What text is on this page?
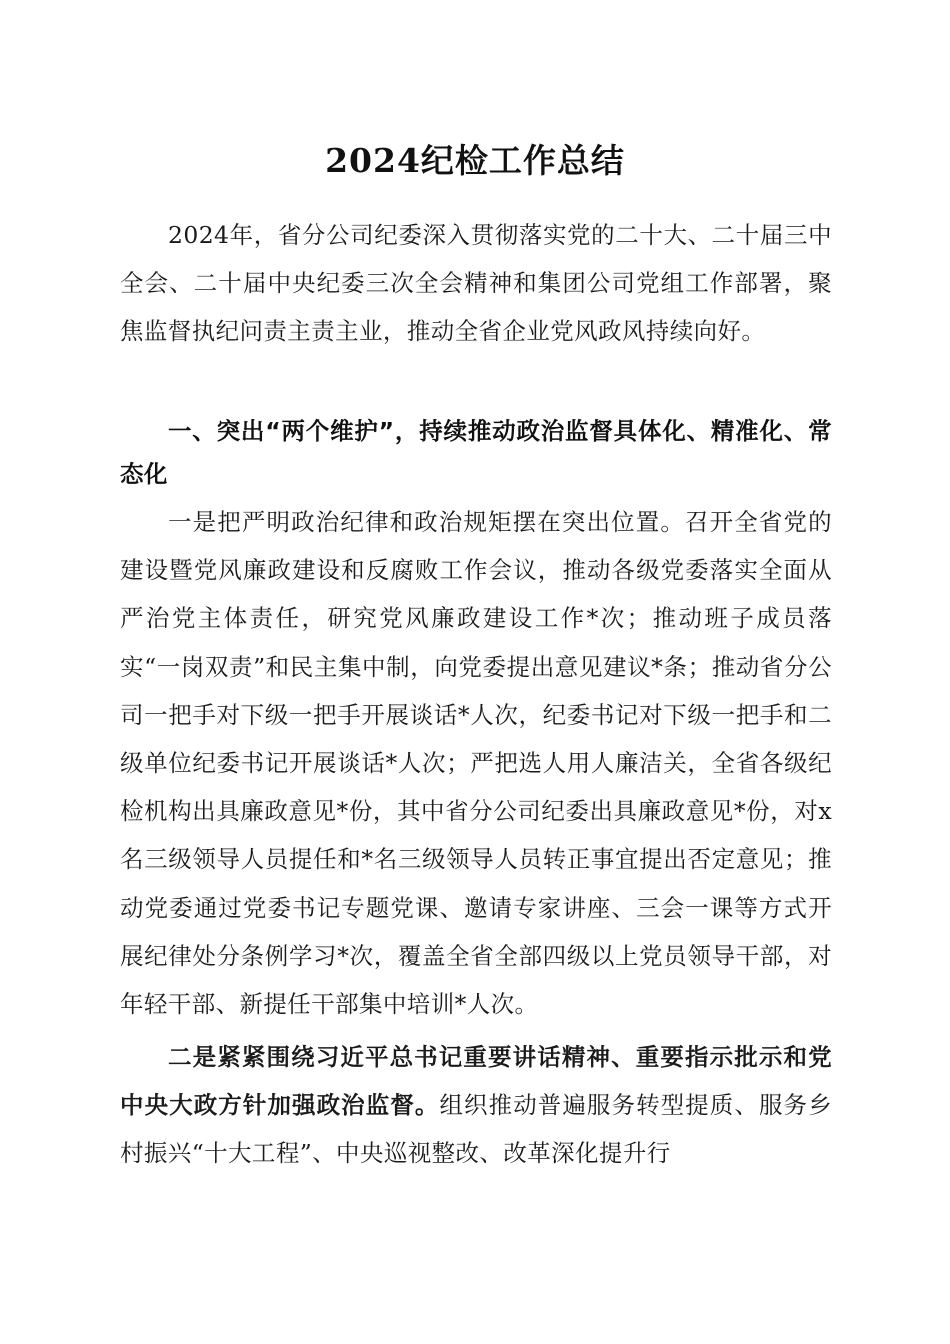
2024纪检工作总结

2024年，省分公司纪委深入贯彻落实党的二十大、二十届三中全会、二十届中央纪委三次全会精神和集团公司党组工作部署，聚焦监督执纪问责主责主业，推动全省企业党风政风持续向好。

一、突出“两个维护”，持续推动政治监督具体化、精准化、常态化

一是把严明政治纪律和政治规矩摆在突出位置。召开全省党的建设暨党风廉政建设和反腐败工作会议，推动各级党委落实全面从严治党主体责任，研究党风廉政建设工作*次；推动班子成员落实“一岗双责”和民主集中制，向党委提出意见建议*条；推动省分公司一把手对下级一把手开展谈话*人次，纪委书记对下级一把手和二级单位纪委书记开展谈话*人次；严把选人用人廉洁关，全省各级纪检机构出具廉政意见*份，其中省分公司纪委出具廉政意见*份，对x名三级领导人员提任和*名三级领导人员转正事宜提出否定意见；推动党委通过党委书记专题党课、邀请专家讲座、三会一课等方式开展纪律处分条例学习*次，覆盖全省全部四级以上党员领导干部，对年轻干部、新提任干部集中培训*人次。

二是紧紧围绕习近平总书记重要讲话精神、重要指示批示和党中央大政方针加强政治监督。组织推动普遍服务转型提质、服务乡村振兴“十大工程”、中央巡视整改、改革深化提升行
